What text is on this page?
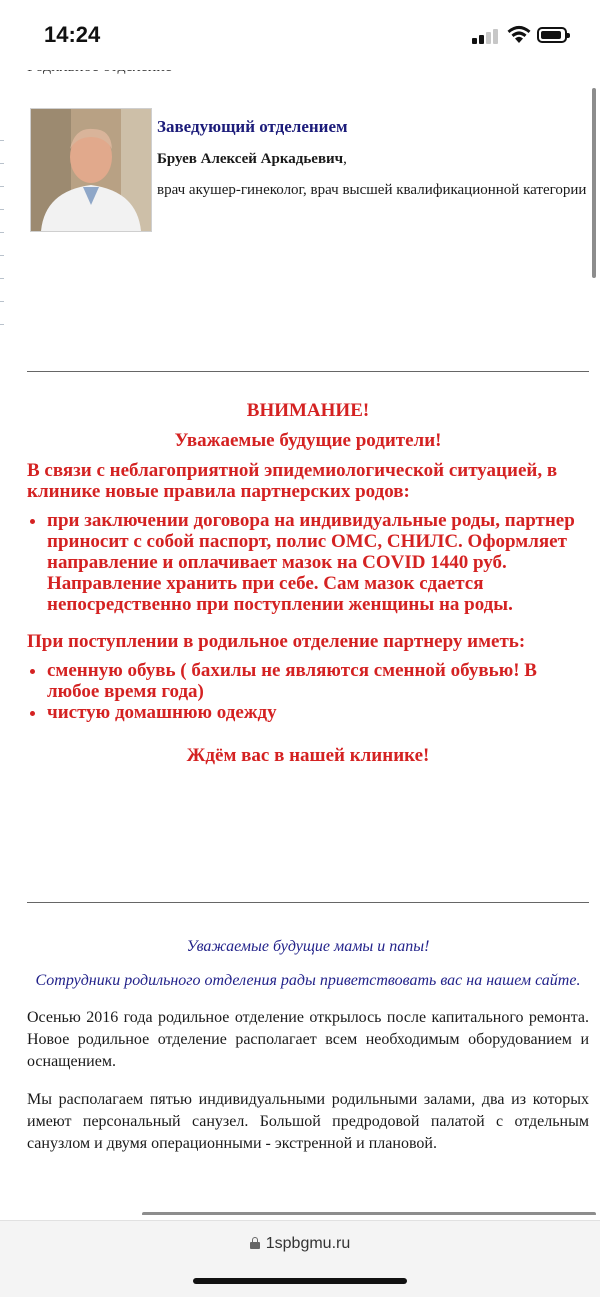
Заведующий отделением

Бруев Алексей Аркадьевич,

врач акушер-гинеколог, врач высшей квалификационной категории

ВНИМАНИЕ!
Уважаемые будущие родители!

В связи с неблагоприятной эпидемиологической ситуацией, в клинике новые правила партнерских родов:

• при заключении договора на индивидуальные роды, партнер приносит с собой паспорт, полис ОМС, СНИЛС. Оформляет направление и оплачивает мазок на COVID 1440 руб. Направление хранить при себе. Сам мазок сдается непосредственно при поступлении женщины на роды.

При поступлении в родильное отделение партнеру иметь:

• сменную обувь ( бахилы не являются сменной обувью! В любое время года)
• чистую домашнюю одежду

Ждём вас в нашей клинике!

Уважаемые будущие мамы и папы!

Сотрудники родильного отделения рады приветствовать вас на нашем сайте.

Осенью 2016 года родильное отделение открылось после капитального ремонта. Новое родильное отделение располагает всем необходимым оборудованием и оснащением.

Мы располагаем пятью индивидуальными родильными залами, два из которых имеют персональный санузел. Большой предродовой палатой с отдельным санузлом и двумя операционными - экстренной и плановой.

14:24
1spbgmu.ru
